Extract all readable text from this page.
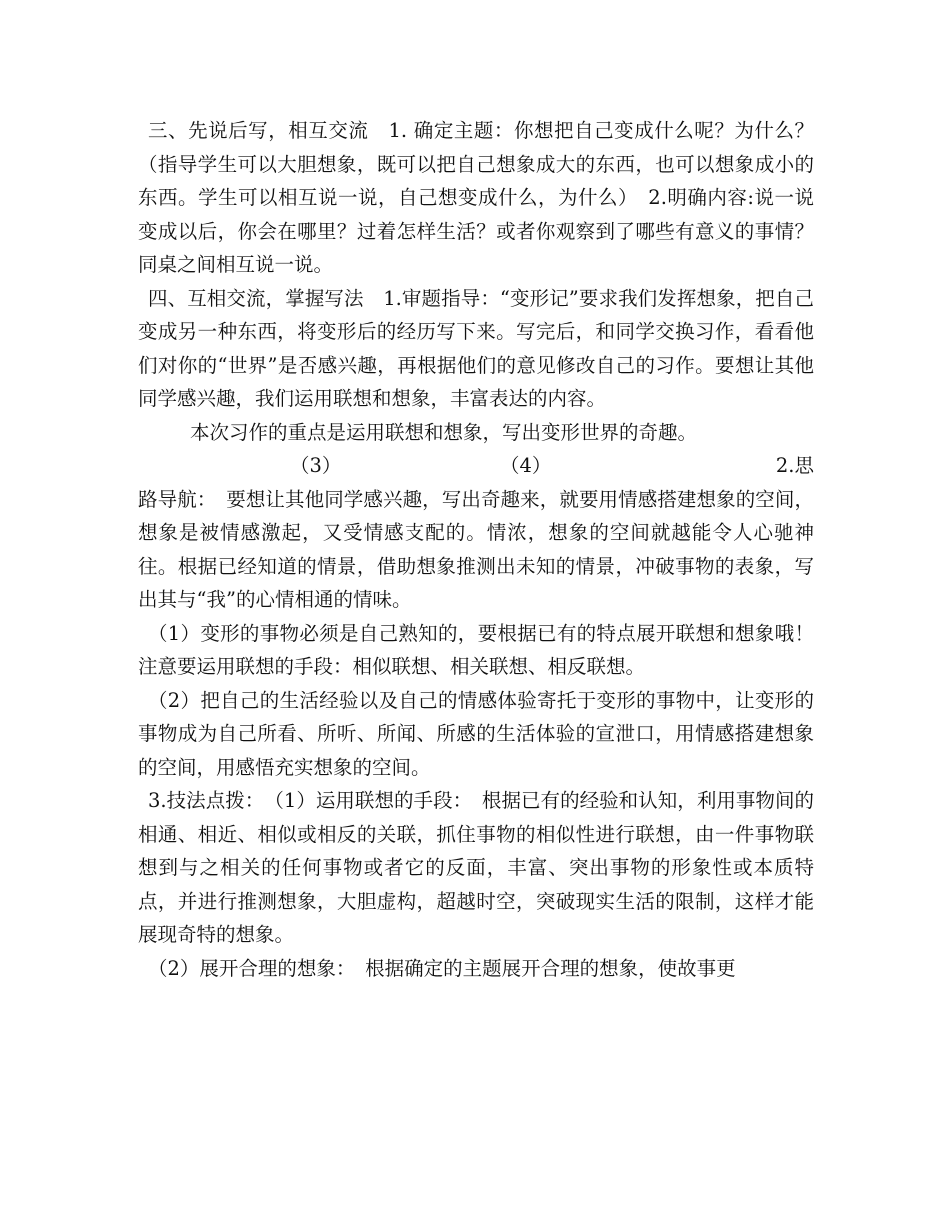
三、先说后写，相互交流　1. 确定主题：你想把自己变成什么呢？为什么？　（指导学生可以大胆想象，既可以把自己想象成大的东西，也可以想象成小的东西。学生可以相互说一说，自己想变成什么，为什么）　2.明确内容:说一说变成以后，你会在哪里？过着怎样生活？或者你观察到了哪些有意义的事情？同桌之间相互说一说。

四、互相交流，掌握写法　1.审题指导：“变形记”要求我们发挥想象，把自己变成另一种东西，将变形后的经历写下来。写完后，和同学交换习作，看看他们对你的“世界”是否感兴趣，再根据他们的意见修改自己的习作。要想让其他同学感兴趣，我们运用联想和想象，丰富表达的内容。

本次习作的重点是运用联想和想象，写出变形世界的奇趣。

（3）	（4）	2.思

路导航：　要想让其他同学感兴趣，写出奇趣来，就要用情感搭建想象的空间，想象是被情感激起，又受情感支配的。情浓，想象的空间就越能令人心驰神往。根据已经知道的情景，借助想象推测出未知的情景，冲破事物的表象，写出其与“我”的心情相通的情味。

（1）变形的事物必须是自己熟知的，要根据已有的特点展开联想和想象哦！注意要运用联想的手段：相似联想、相关联想、相反联想。

（2）把自己的生活经验以及自己的情感体验寄托于变形的事物中，让变形的事物成为自己所看、所听、所闻、所感的生活体验的宣泄口，用情感搭建想象的空间，用感悟充实想象的空间。

3.技法点拨：　（1）运用联想的手段：　根据已有的经验和认知，利用事物间的相通、相近、相似或相反的关联，抓住事物的相似性进行联想，由一件事物联想到与之相关的任何事物或者它的反面，丰富、突出事物的形象性或本质特点，并进行推测想象，大胆虚构，超越时空，突破现实生活的限制，这样才能展现奇特的想象。

（2）展开合理的想象：　根据确定的主题展开合理的想象，使故事更
